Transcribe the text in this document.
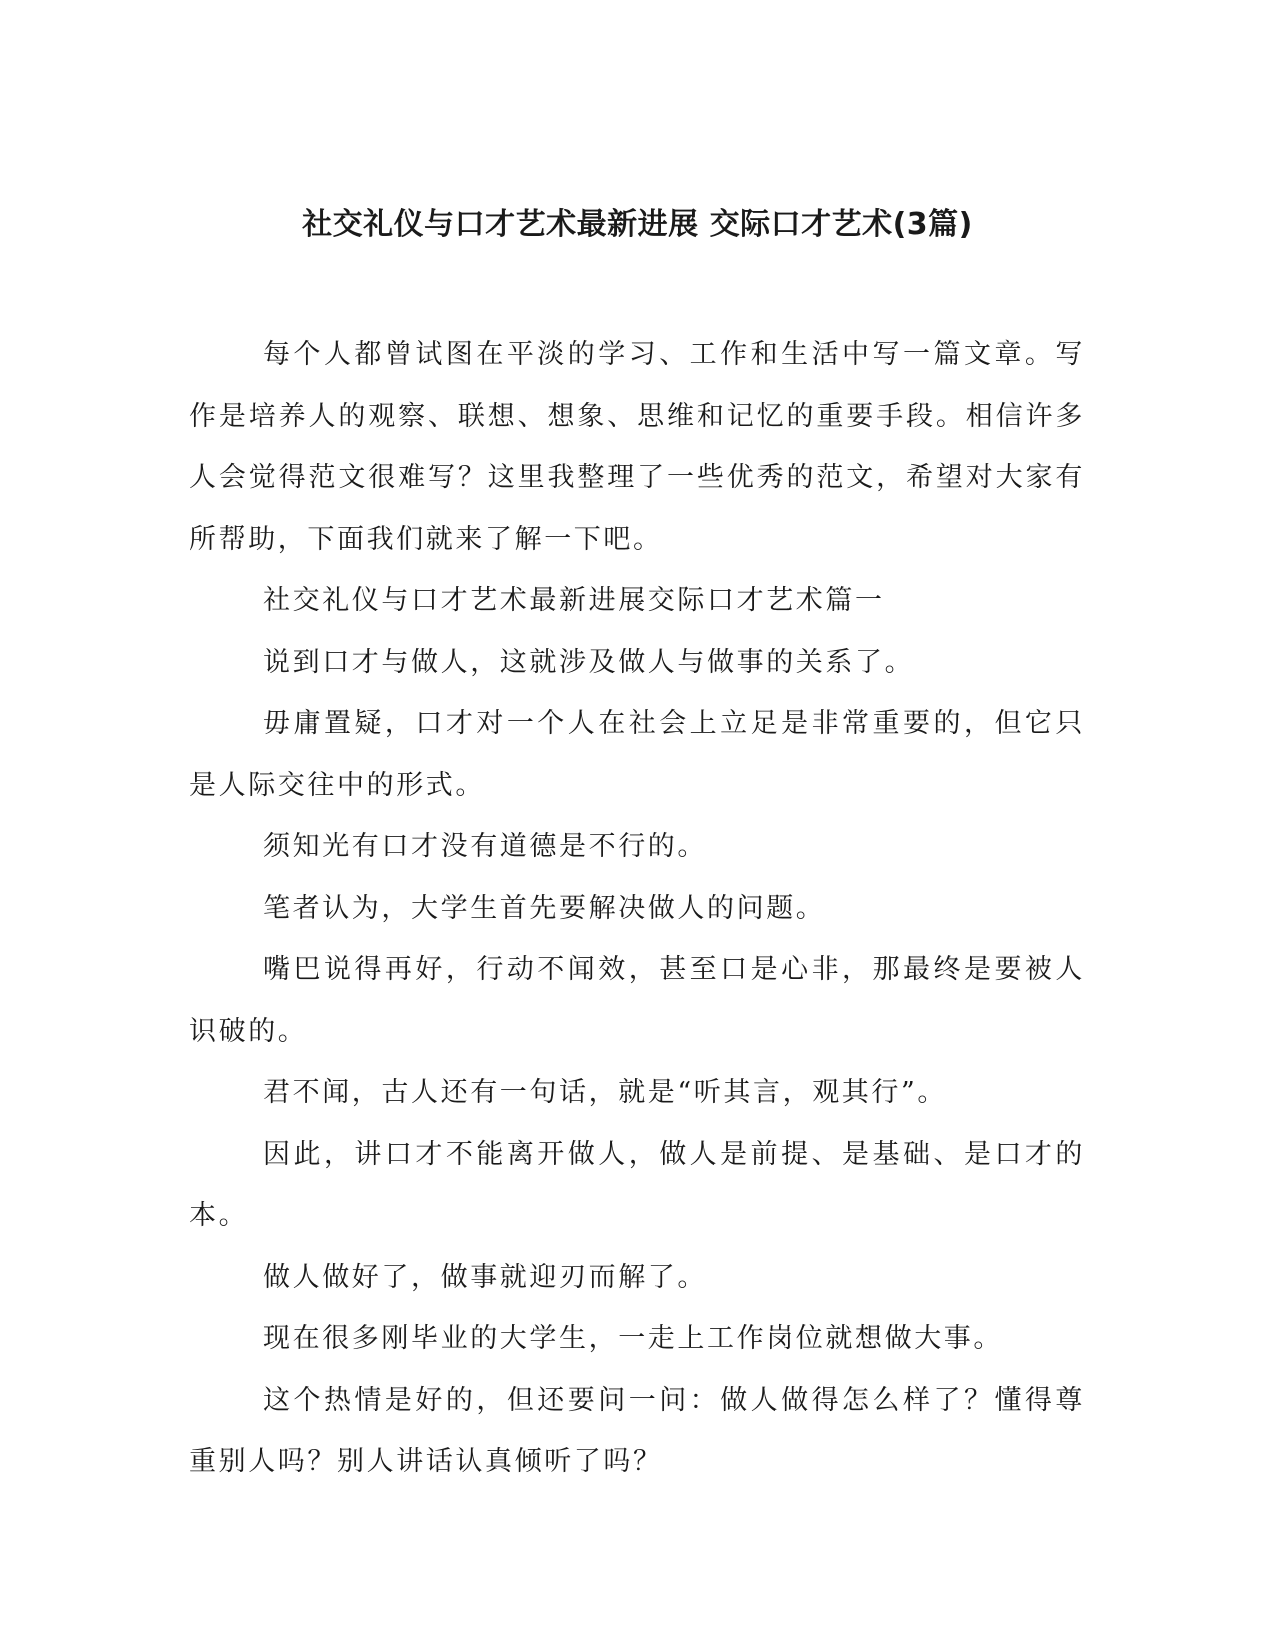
社交礼仪与口才艺术最新进展 交际口才艺术(3篇)

每个人都曾试图在平淡的学习、工作和生活中写一篇文章。写作是培养人的观察、联想、想象、思维和记忆的重要手段。相信许多人会觉得范文很难写？这里我整理了一些优秀的范文，希望对大家有所帮助，下面我们就来了解一下吧。

社交礼仪与口才艺术最新进展交际口才艺术篇一

说到口才与做人，这就涉及做人与做事的关系了。

毋庸置疑，口才对一个人在社会上立足是非常重要的，但它只是人际交往中的形式。

须知光有口才没有道德是不行的。

笔者认为，大学生首先要解决做人的问题。

嘴巴说得再好，行动不闻效，甚至口是心非，那最终是要被人识破的。

君不闻，古人还有一句话，就是“听其言，观其行”。

因此，讲口才不能离开做人，做人是前提、是基础、是口才的本。

做人做好了，做事就迎刃而解了。

现在很多刚毕业的大学生，一走上工作岗位就想做大事。

这个热情是好的，但还要问一问：做人做得怎么样了？懂得尊重别人吗？别人讲话认真倾听了吗？
